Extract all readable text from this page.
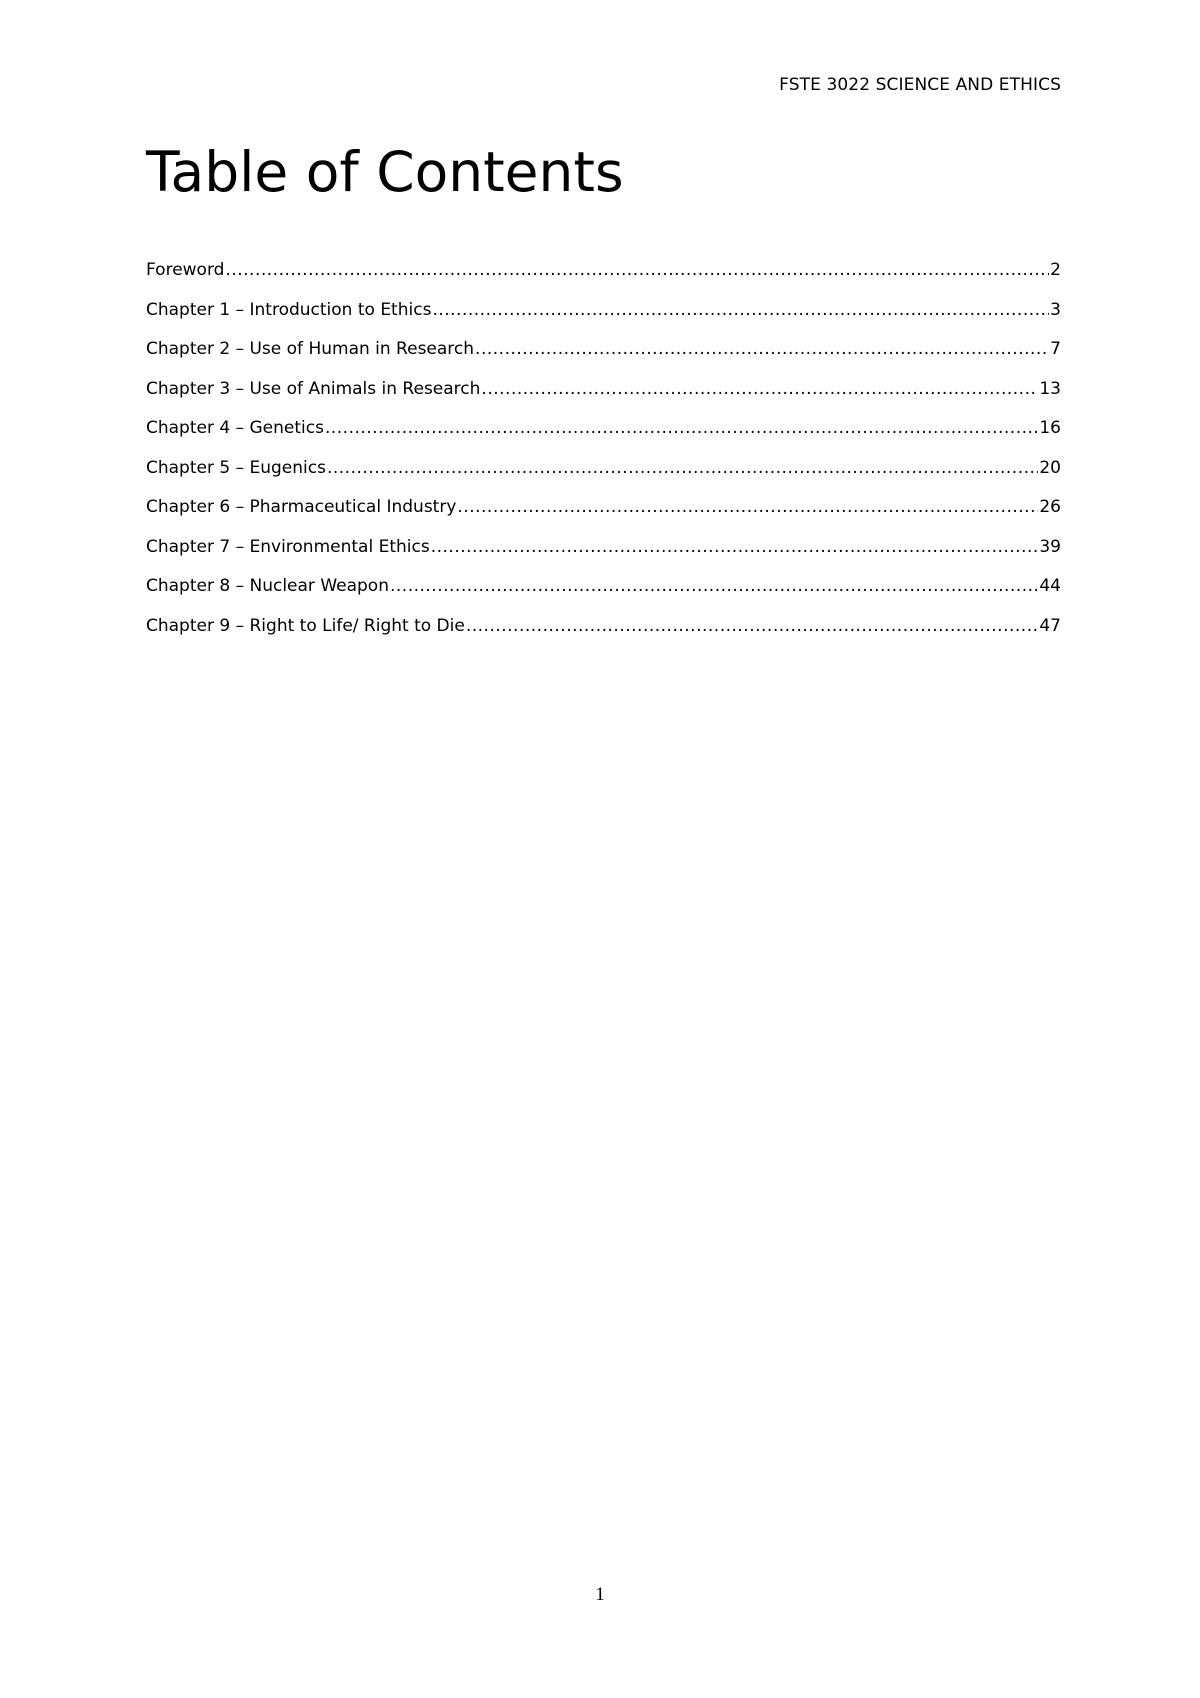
FSTE 3022 SCIENCE AND ETHICS
Table of Contents
Foreword .....	2
Chapter 1 – Introduction to Ethics .....	3
Chapter 2 – Use of Human in Research .....	7
Chapter 3 – Use of Animals in Research .....	13
Chapter 4 – Genetics .....	16
Chapter 5 – Eugenics .....	20
Chapter 6 – Pharmaceutical Industry .....	26
Chapter 7 – Environmental Ethics .....	39
Chapter 8 – Nuclear Weapon .....	44
Chapter 9 – Right to Life/ Right to Die .....	47
1
